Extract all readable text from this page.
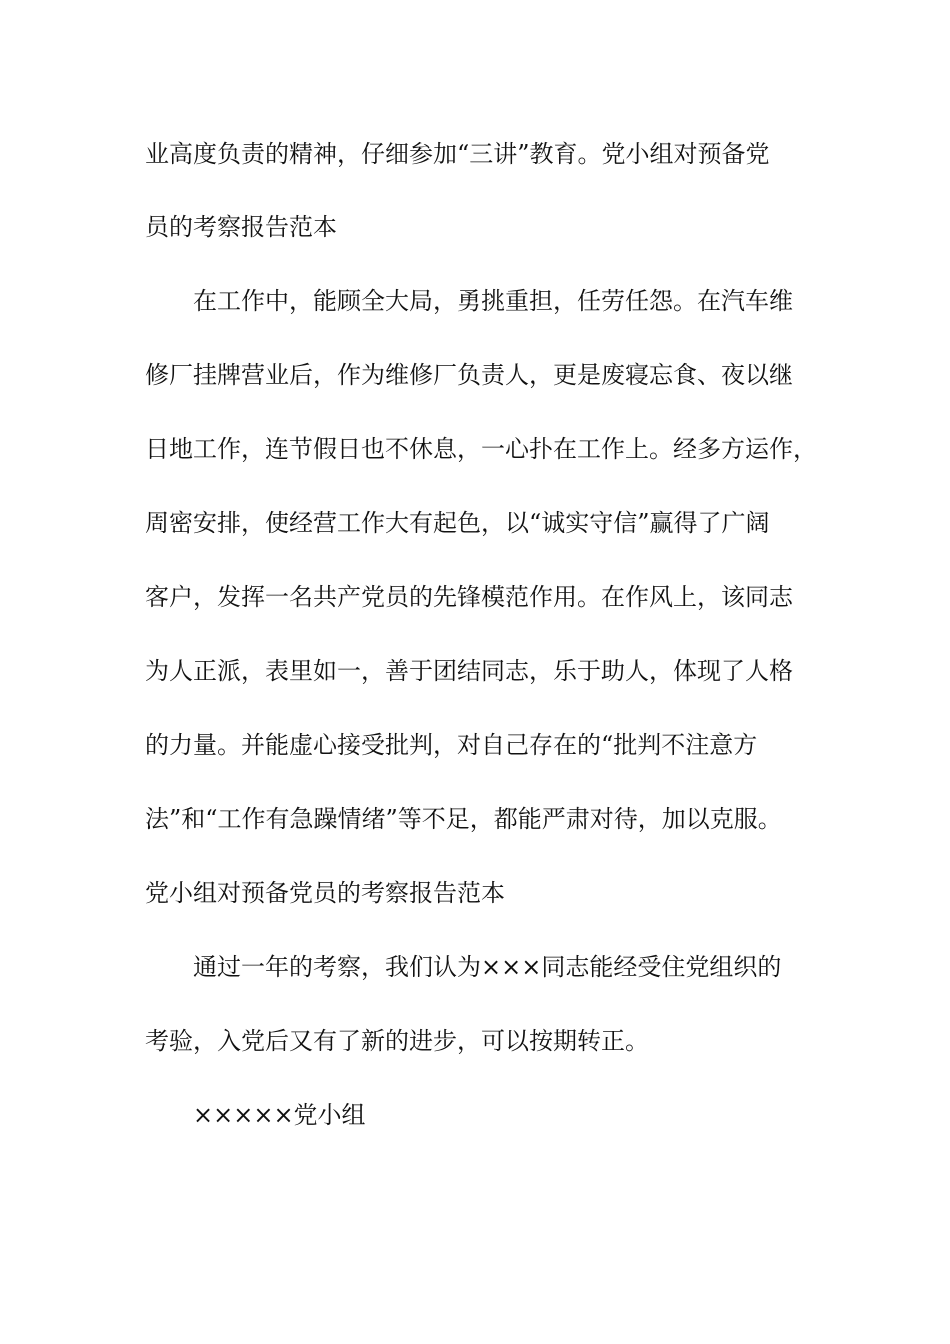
业高度负责的精神，仔细参加“三讲”教育。党小组对预备党
员的考察报告范本
在工作中，能顾全大局，勇挑重担，任劳任怨。在汽车维
修厂挂牌营业后，作为维修厂负责人，更是废寝忘食、夜以继
日地工作，连节假日也不休息，一心扑在工作上。经多方运作，
周密安排，使经营工作大有起色，以“诚实守信”赢得了广阔
客户，发挥一名共产党员的先锋模范作用。在作风上，该同志
为人正派，表里如一，善于团结同志，乐于助人，体现了人格
的力量。并能虚心接受批判，对自己存在的“批判不注意方
法”和“工作有急躁情绪”等不足，都能严肃对待，加以克服。
党小组对预备党员的考察报告范本
通过一年的考察，我们认为×××同志能经受住党组织的
考验，入党后又有了新的进步，可以按期转正。
×××××党小组
